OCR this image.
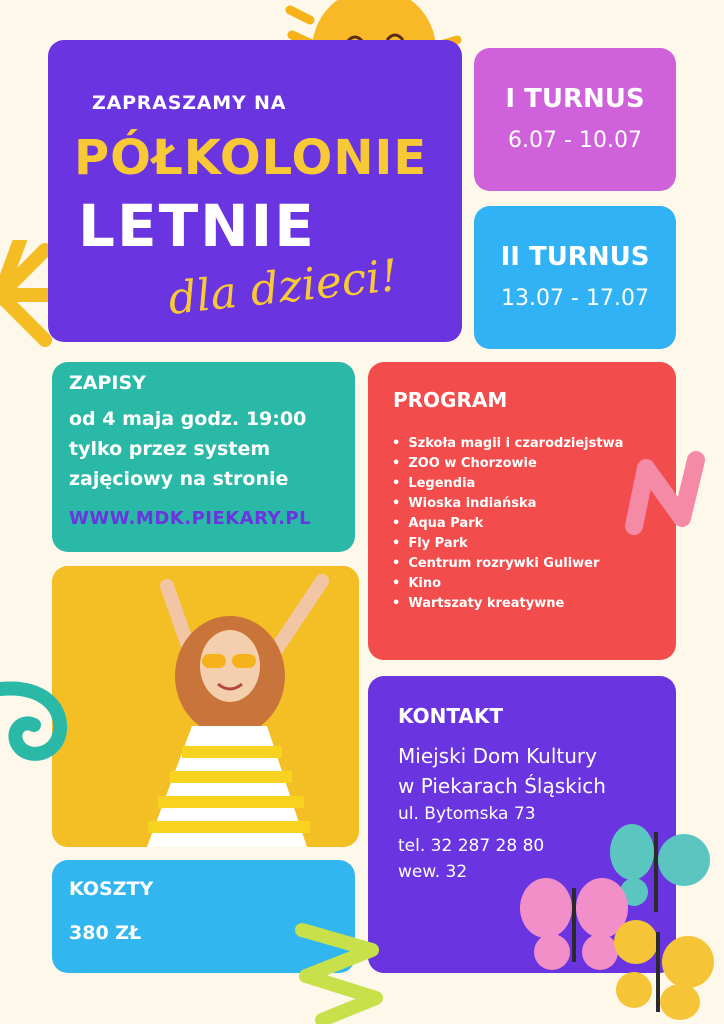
ZAPRASZAMY NA
PÓŁKOLONIE
LETNIE
dla dzieci!
I TURNUS
6.07 - 10.07
II TURNUS
13.07 - 17.07
ZAPISY
od 4 maja godz. 19:00
tylko przez system
zajęciowy na stronie
WWW.MDK.PIEKARY.PL
PROGRAM
• Szkoła magii i czarodziejstwa
• ZOO w Chorzowie
• Legendia
• Wioska indiańska
• Aqua Park
• Fly Park
• Centrum rozrywki Guliwer
• Kino
• Wartszaty kreatywne
KONTAKT
Miejski Dom Kultury
w Piekarach Śląskich
ul. Bytomska 73
tel. 32 287 28 80
wew. 32
KOSZTY
380 ZŁ
